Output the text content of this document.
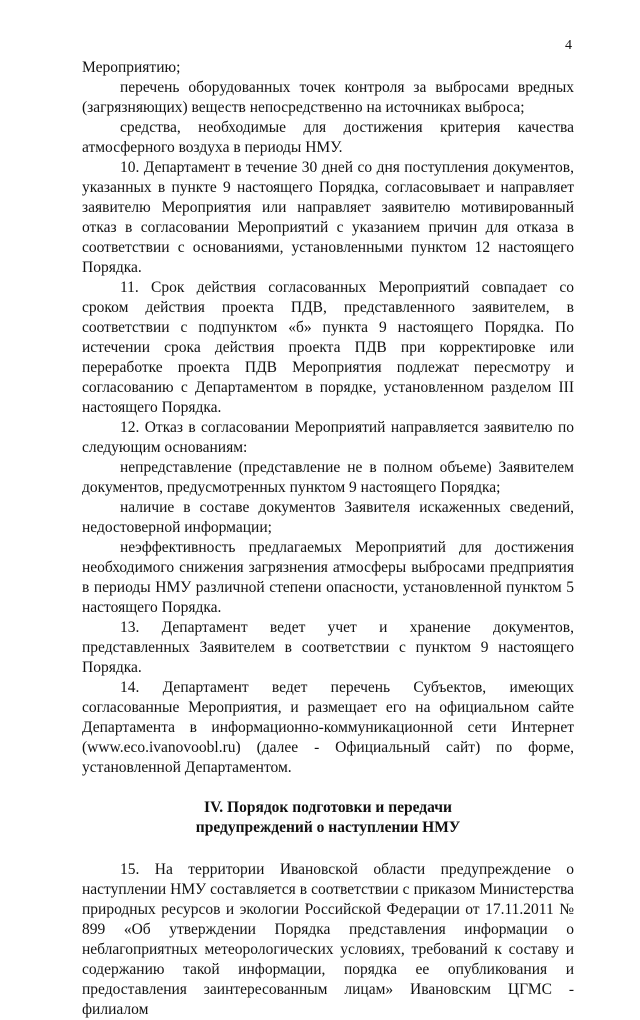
4

Мероприятию;

перечень оборудованных точек контроля за выбросами вредных (загрязняющих) веществ непосредственно на источниках выброса;

средства, необходимые для достижения критерия качества атмосферного воздуха в периоды НМУ.

10. Департамент в течение 30 дней со дня поступления документов, указанных в пункте 9 настоящего Порядка, согласовывает и направляет заявителю Мероприятия или направляет заявителю мотивированный отказ в согласовании Мероприятий с указанием причин для отказа в соответствии с основаниями, установленными пунктом 12 настоящего Порядка.

11. Срок действия согласованных Мероприятий совпадает со сроком действия проекта ПДВ, представленного заявителем, в соответствии с подпунктом «б» пункта 9 настоящего Порядка. По истечении срока действия проекта ПДВ при корректировке или переработке проекта ПДВ Мероприятия подлежат пересмотру и согласованию с Департаментом в порядке, установленном разделом III настоящего Порядка.

12. Отказ в согласовании Мероприятий направляется заявителю по следующим основаниям:

непредставление (представление не в полном объеме) Заявителем документов, предусмотренных пунктом 9 настоящего Порядка;

наличие в составе документов Заявителя искаженных сведений, недостоверной информации;

неэффективность предлагаемых Мероприятий для достижения необходимого снижения загрязнения атмосферы выбросами предприятия в периоды НМУ различной степени опасности, установленной пунктом 5 настоящего Порядка.

13. Департамент ведет учет и хранение документов, представленных Заявителем в соответствии с пунктом 9 настоящего Порядка.

14. Департамент ведет перечень Субъектов, имеющих согласованные Мероприятия, и размещает его на официальном сайте Департамента в информационно-коммуникационной сети Интернет (www.eco.ivanovoobl.ru) (далее - Официальный сайт) по форме, установленной Департаментом.

IV. Порядок подготовки и передачи
предупреждений о наступлении НМУ

15. На территории Ивановской области предупреждение о наступлении НМУ составляется в соответствии с приказом Министерства природных ресурсов и экологии Российской Федерации от 17.11.2011 № 899 «Об утверждении Порядка представления информации о неблагоприятных метеорологических условиях, требований к составу и содержанию такой информации, порядка ее опубликования и предоставления заинтересованным лицам» Ивановским ЦГМС - филиалом
